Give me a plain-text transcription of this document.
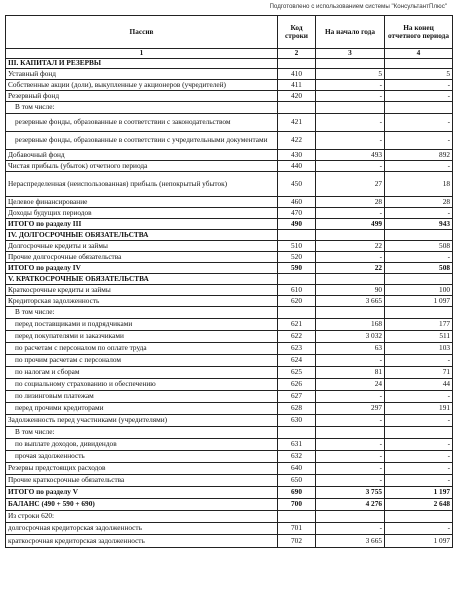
Подготовлено с использованием системы "КонсультантПлюс"
Пассив	Код строки	На начало года	На конец отчетного периода
1	2	3	4
III. КАПИТАЛ И РЕЗЕРВЫ			
Уставный фонд	410	5	5
Собственные акции (доли), выкупленные у акционеров (учредителей)	411	-	-
Резервный фонд	420	-	-
В том числе:			
резервные фонды, образованные в соответствии с законодательством	421	-	-
резервные фонды, образованные в соответствии с учредительными документами	422	-	-
Добавочный фонд	430	493	892
Чистая прибыль (убыток) отчетного периода	440	-	-
Нераспределенная (неиспользованная) прибыль (непокрытый убыток)	450	27	18
Целевое финансирование	460	28	28
Доходы будущих периодов	470	-	-
ИТОГО по разделу III	490	499	943
IV. ДОЛГОСРОЧНЫЕ ОБЯЗАТЕЛЬСТВА			
Долгосрочные кредиты и займы	510	22	508
Прочие долгосрочные обязательства	520	-	-
ИТОГО по разделу IV	590	22	508
V. КРАТКОСРОЧНЫЕ ОБЯЗАТЕЛЬСТВА			
Краткосрочные кредиты и займы	610	90	100
Кредиторская задолженность	620	3 665	1 097
В том числе:			
перед поставщиками и подрядчиками	621	168	177
перед покупателями и заказчиками	622	3 032	511
по расчетам с персоналом по оплате труда	623	63	103
по прочим расчетам с персоналом	624	-	-
по налогам и сборам	625	81	71
по социальному страхованию и обеспечению	626	24	44
по лизинговым платежам	627	-	-
перед прочими кредиторами	628	297	191
Задолженность перед участниками (учредителями)	630	-	-
В том числе:			
по выплате доходов, дивидендов	631	-	-
прочая задолженность	632	-	-
Резервы предстоящих расходов	640	-	-
Прочие краткосрочные обязательства	650	-	-
ИТОГО по разделу V	690	3 755	1 197
БАЛАНС (490 + 590 + 690)	700	4 276	2 648
Из строки 620:			
долгосрочная кредиторская задолженность	701	-	-
краткосрочная кредиторская задолженность	702	3 665	1 097
